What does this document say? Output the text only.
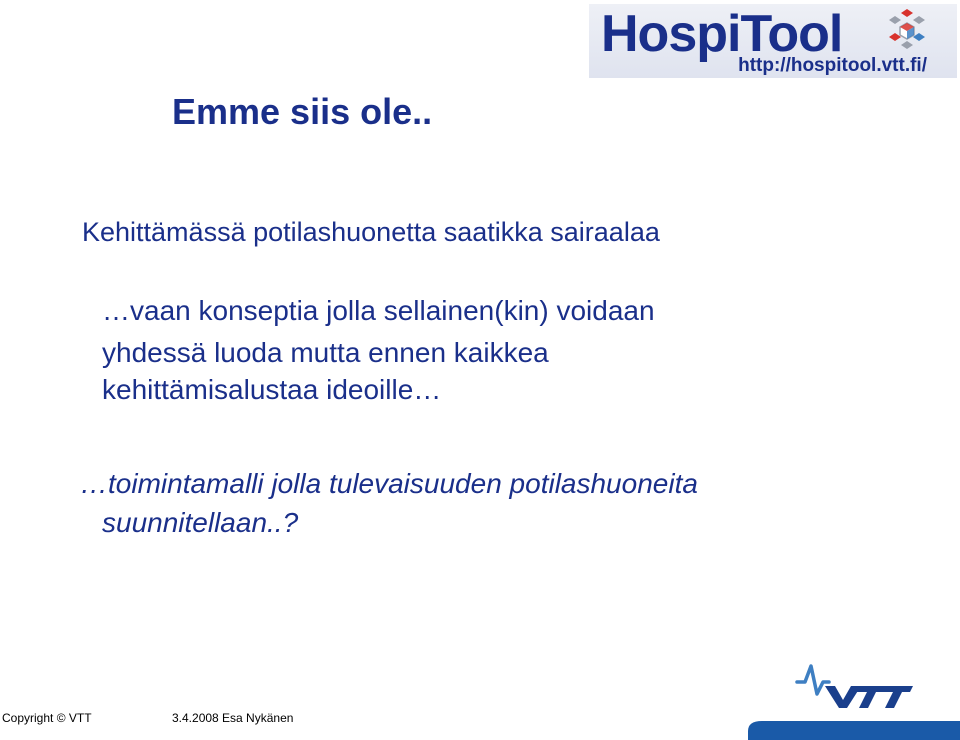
HospiTool
http://hospitool.vtt.fi/
Emme siis ole..
Kehittämässä potilashuonetta saatikka sairaalaa
…vaan konseptia jolla sellainen(kin) voidaan
yhdessä luoda mutta ennen kaikkea
kehittämisalustaa ideoille…
…toimintamalli jolla tulevaisuuden potilashuoneita
suunnitellaan..?
Copyright © VTT	3.4.2008 Esa Nykänen
